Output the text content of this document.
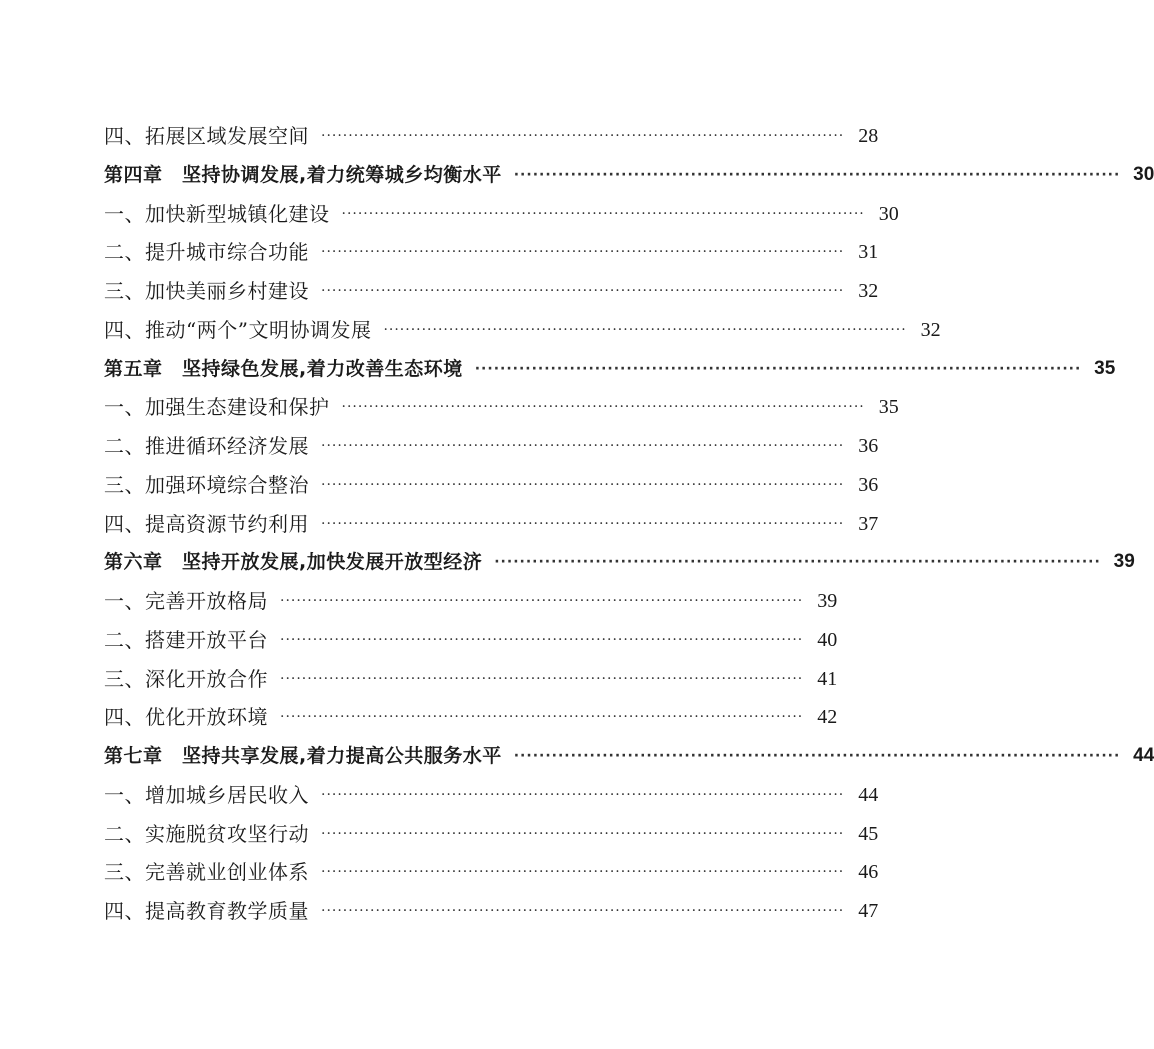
四、拓展区域发展空间 ································································································ 28
第四章　坚持协调发展,着力统筹城乡均衡水平 ································································································ 30
一、加快新型城镇化建设 ································································································ 30
二、提升城市综合功能 ································································································ 31
三、加快美丽乡村建设 ································································································ 32
四、推动“两个”文明协调发展 ································································································ 32
第五章　坚持绿色发展,着力改善生态环境 ································································································ 35
一、加强生态建设和保护 ································································································ 35
二、推进循环经济发展 ································································································ 36
三、加强环境综合整治 ································································································ 36
四、提高资源节约利用 ································································································ 37
第六章　坚持开放发展,加快发展开放型经济 ································································································ 39
一、完善开放格局 ································································································ 39
二、搭建开放平台 ································································································ 40
三、深化开放合作 ································································································ 41
四、优化开放环境 ································································································ 42
第七章　坚持共享发展,着力提高公共服务水平 ································································································ 44
一、增加城乡居民收入 ································································································ 44
二、实施脱贫攻坚行动 ································································································ 45
三、完善就业创业体系 ································································································ 46
四、提高教育教学质量 ································································································ 47
